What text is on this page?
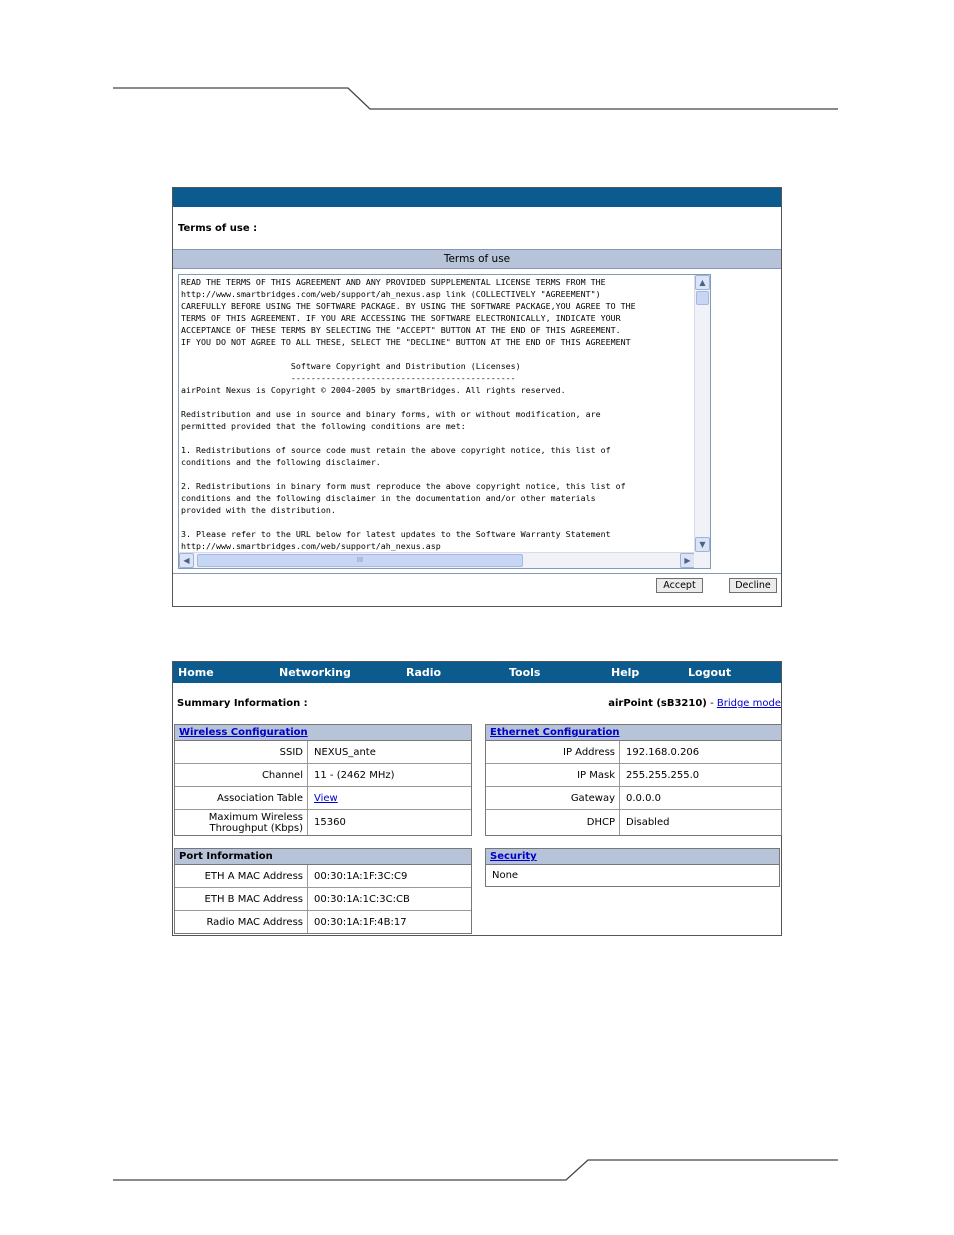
Terms of use :
Terms of use
READ THE TERMS OF THIS AGREEMENT AND ANY PROVIDED SUPPLEMENTAL LICENSE TERMS FROM THE
http://www.smartbridges.com/web/support/ah_nexus.asp link (COLLECTIVELY "AGREEMENT")
CAREFULLY BEFORE USING THE SOFTWARE PACKAGE. BY USING THE SOFTWARE PACKAGE,YOU AGREE TO THE
TERMS OF THIS AGREEMENT. IF YOU ARE ACCESSING THE SOFTWARE ELECTRONICALLY, INDICATE YOUR
ACCEPTANCE OF THESE TERMS BY SELECTING THE "ACCEPT" BUTTON AT THE END OF THIS AGREEMENT.
IF YOU DO NOT AGREE TO ALL THESE, SELECT THE "DECLINE" BUTTON AT THE END OF THIS AGREEMENT

Software Copyright and Distribution (Licenses)
---------------------------------------------
airPoint Nexus is Copyright © 2004-2005 by smartBridges. All rights reserved.

Redistribution and use in source and binary forms, with or without modification, are
permitted provided that the following conditions are met:

1. Redistributions of source code must retain the above copyright notice, this list of
conditions and the following disclaimer.

2. Redistributions in binary form must reproduce the above copyright notice, this list of
conditions and the following disclaimer in the documentation and/or other materials
provided with the distribution.

3. Please refer to the URL below for latest updates to the Software Warranty Statement
http://www.smartbridges.com/web/support/ah_nexus.asp
▲
▼
◀	III	▶
Accept	Decline
Home	Networking	Radio	Tools	Help	Logout
Summary Information :	airPoint (sB3210) - Bridge mode
Wireless Configuration
SSID	NEXUS_ante
Channel	11 - (2462 MHz)
Association Table	View
Maximum Wireless Throughput (Kbps)	15360
Ethernet Configuration
IP Address	192.168.0.206
IP Mask	255.255.255.0
Gateway	0.0.0.0
DHCP	Disabled
Port Information
ETH A MAC Address	00:30:1A:1F:3C:C9
ETH B MAC Address	00:30:1A:1C:3C:CB
Radio MAC Address	00:30:1A:1F:4B:17
Security
None
